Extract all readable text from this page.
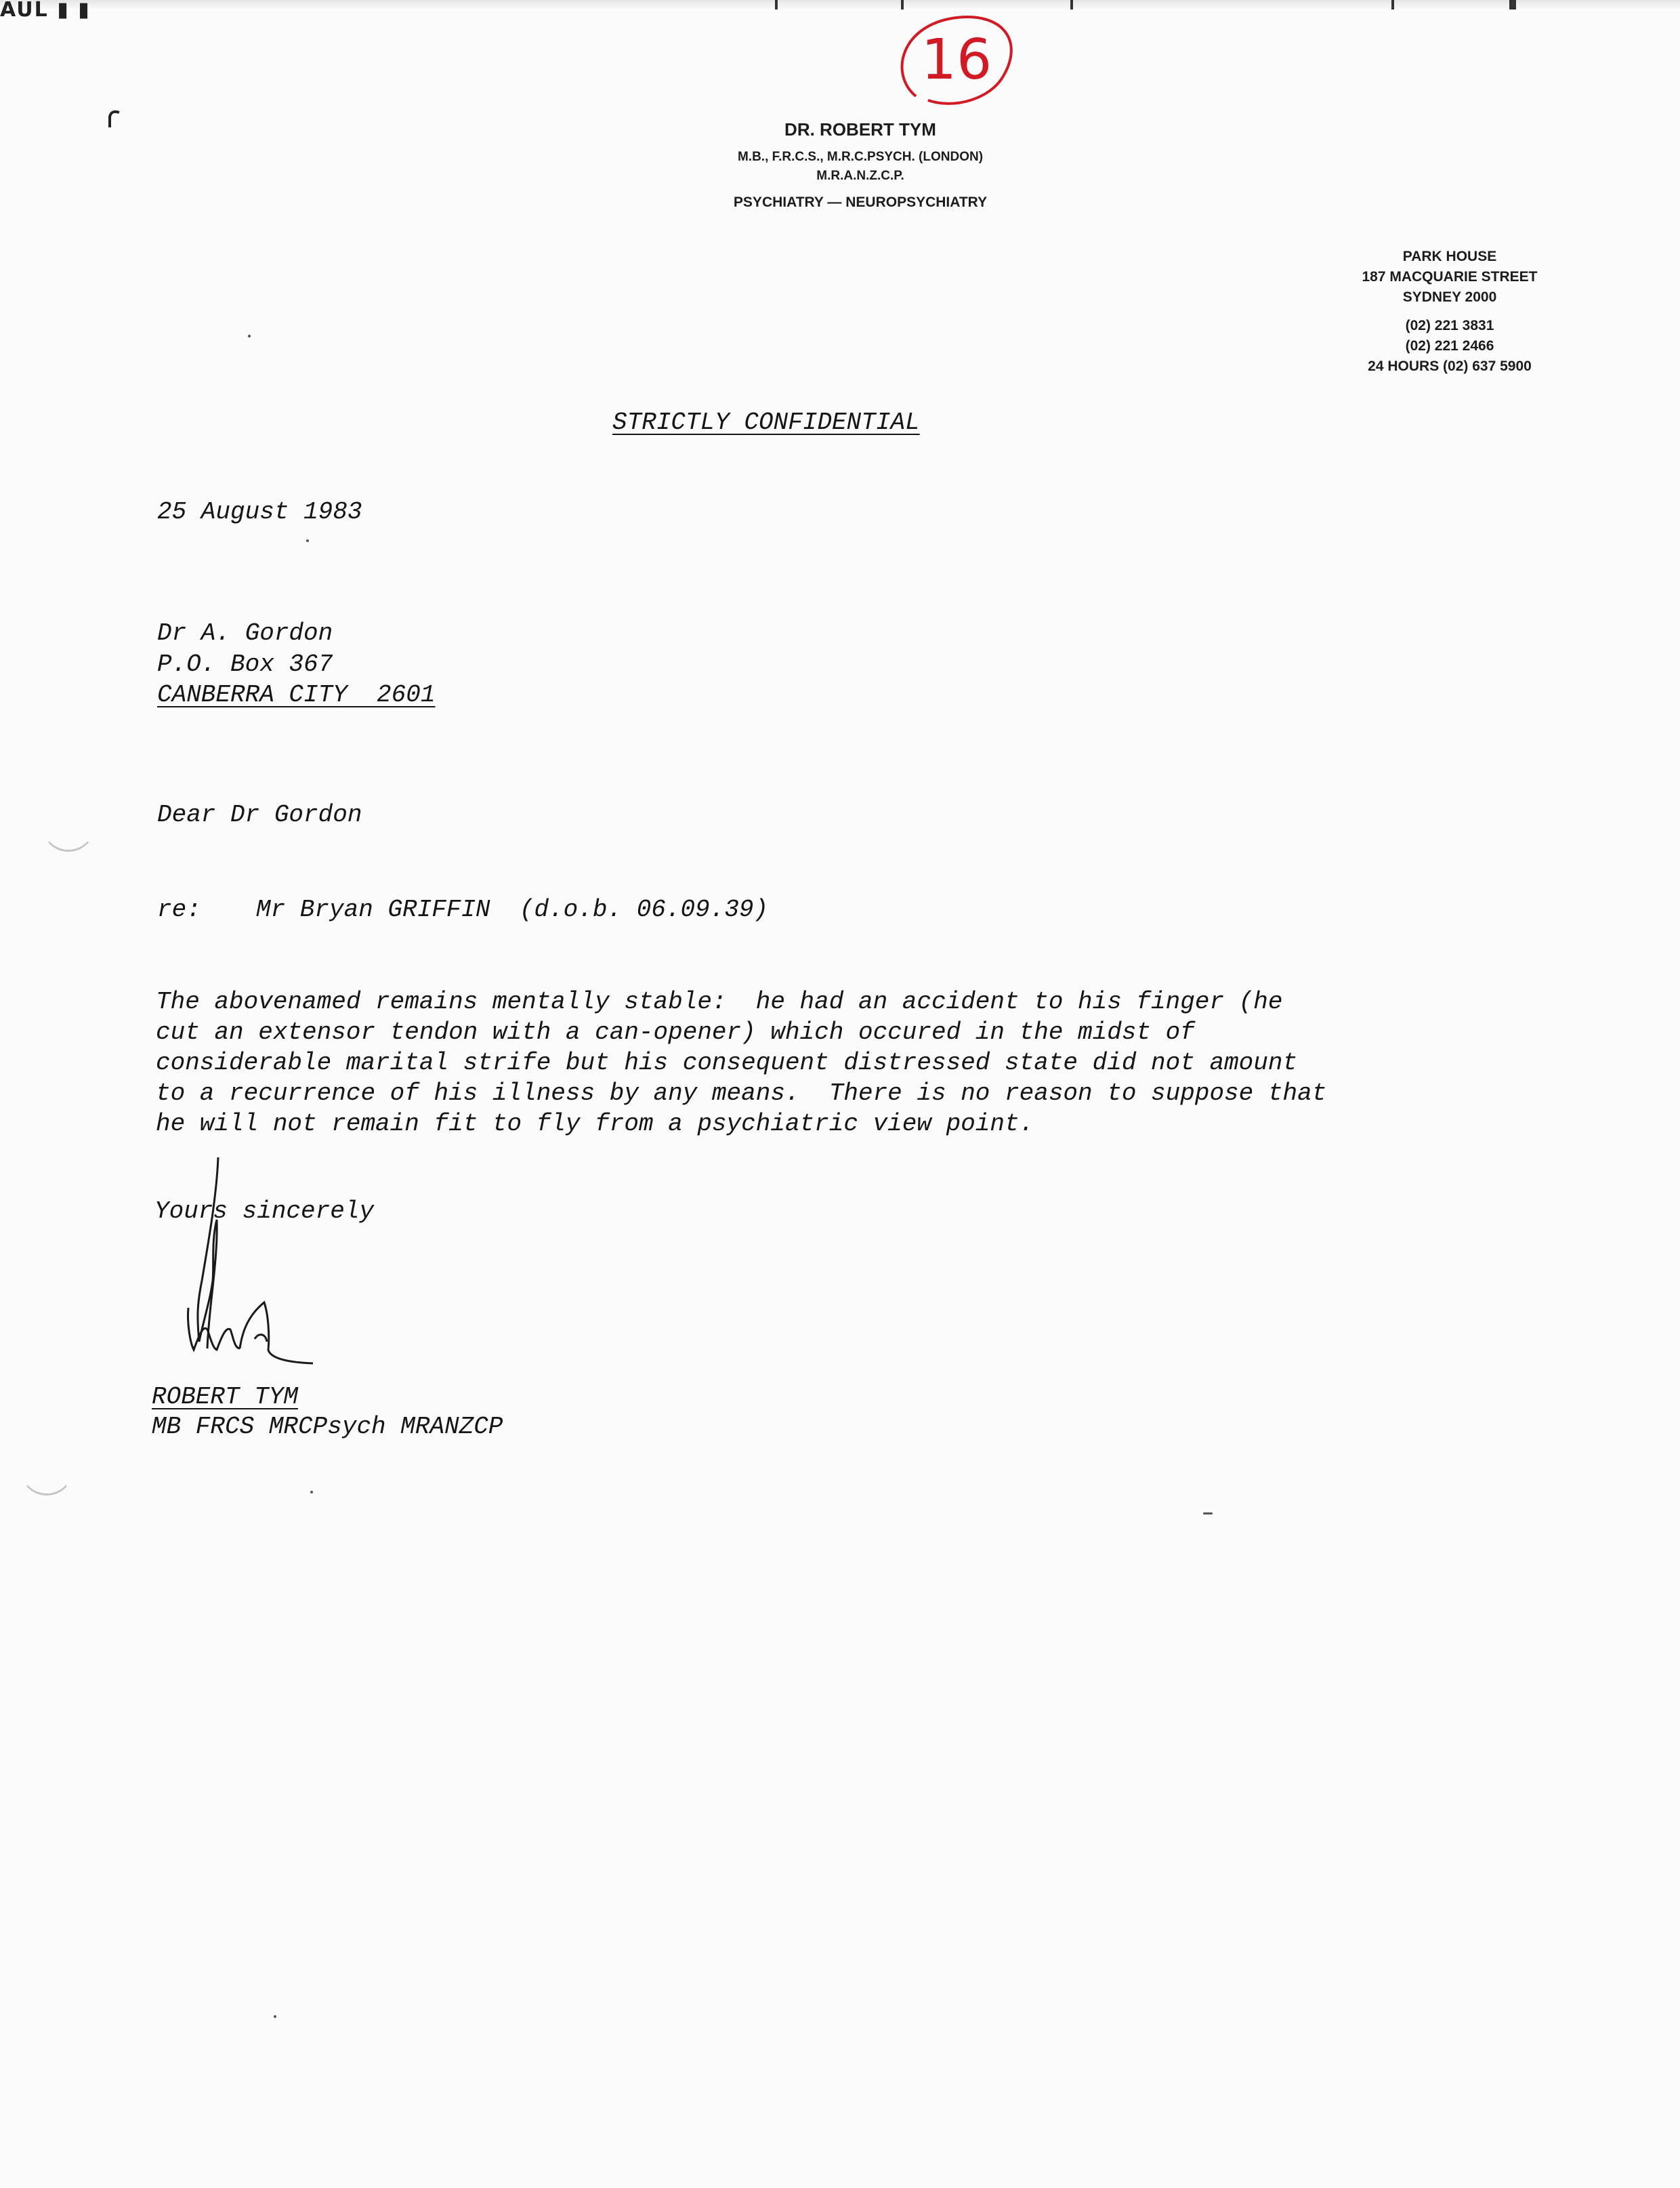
AUL ▮ ▮
16
DR. ROBERT TYM
M.B., F.R.C.S., M.R.C.PSYCH. (LONDON)
M.R.A.N.Z.C.P.
PSYCHIATRY — NEUROPSYCHIATRY
PARK HOUSE
187 MACQUARIE STREET
SYDNEY 2000
(02) 221 3831
(02) 221 2466
24 HOURS (02) 637 5900
STRICTLY CONFIDENTIAL
25 August 1983
Dr A. Gordon
P.O. Box 367
CANBERRA CITY  2601
Dear Dr Gordon
re: Mr Bryan GRIFFIN  (d.o.b. 06.09.39)
The abovenamed remains mentally stable:  he had an accident to his finger (he
cut an extensor tendon with a can-opener) which occured in the midst of
considerable marital strife but his consequent distressed state did not amount
to a recurrence of his illness by any means.  There is no reason to suppose that
he will not remain fit to fly from a psychiatric view point.
Yours sincerely
ROBERT TYM
MB FRCS MRCPsych MRANZCP
